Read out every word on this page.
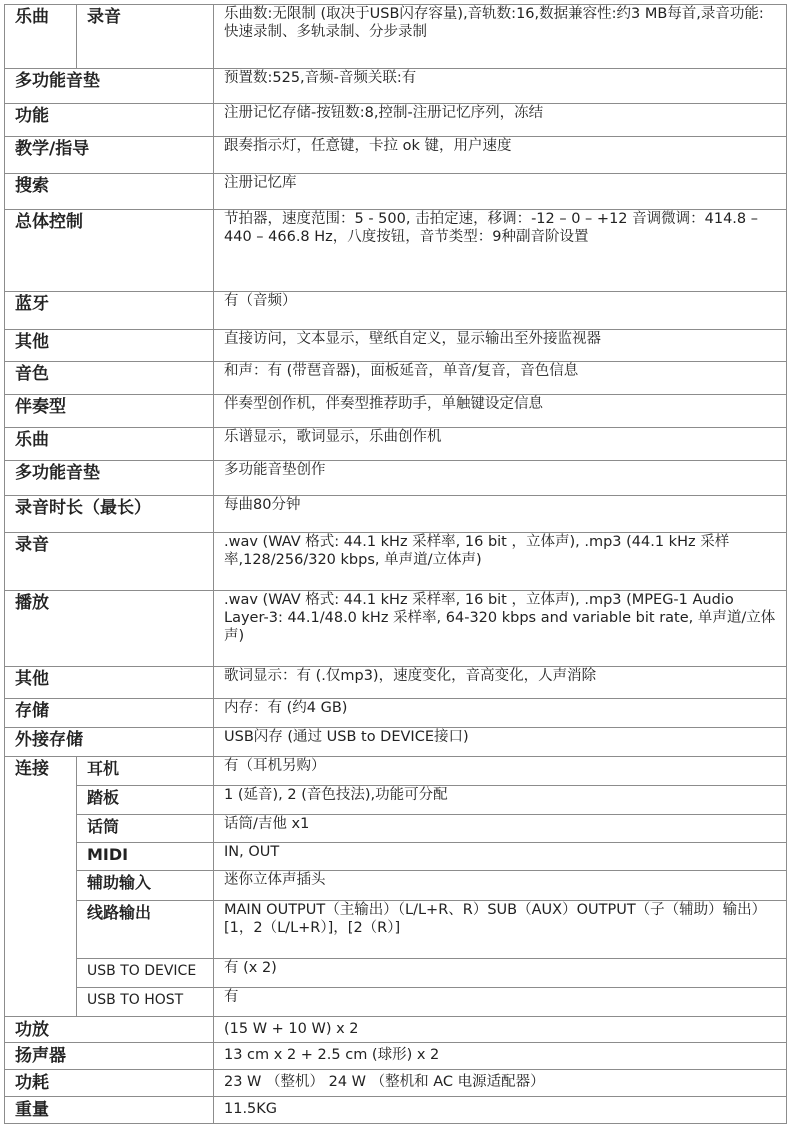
乐曲	录音	乐曲数:无限制 (取决于USB闪存容量),音轨数:16,数据兼容性:约3 MB每首,录音功能:快速录制、多轨录制、分步录制
多功能音垫		预置数:525,音频-音频关联:有
功能		注册记忆存储-按钮数:8,控制-注册记忆序列，冻结
教学/指导		跟奏指示灯，任意键，卡拉 ok 键，用户速度
搜索		注册记忆库
总体控制		节拍器，速度范围：5 - 500, 击拍定速，移调：-12 – 0 – +12 音调微调：414.8 – 440 – 466.8 Hz，八度按钮，音节类型：9种副音阶设置
蓝牙		有（音频）
其他		直接访问，文本显示，壁纸自定义，显示输出至外接监视器
音色		和声：有 (带琶音器)，面板延音，单音/复音，音色信息
伴奏型		伴奏型创作机，伴奏型推荐助手，单触键设定信息
乐曲		乐谱显示，歌词显示，乐曲创作机
多功能音垫		多功能音垫创作
录音时长（最长）		每曲80分钟
录音		.wav (WAV 格式: 44.1 kHz 采样率, 16 bit ，立体声), .mp3 (44.1 kHz 采样率,128/256/320 kbps, 单声道/立体声)
播放		.wav (WAV 格式: 44.1 kHz 采样率, 16 bit ，立体声), .mp3 (MPEG-1 Audio Layer-3: 44.1/48.0 kHz 采样率, 64-320 kbps and variable bit rate, 单声道/立体声)
其他		歌词显示：有 (.仅mp3)，速度变化，音高变化，人声消除
存储		内存：有 (约4 GB)
外接存储		USB闪存 (通过 USB to DEVICE接口)
连接	耳机	有（耳机另购）
	踏板	1 (延音), 2 (音色技法),功能可分配
	话筒	话筒/吉他 x1
	MIDI	IN, OUT
	辅助输入	迷你立体声插头
	线路输出	MAIN OUTPUT（主输出）（L/L+R、R）SUB（AUX）OUTPUT（子（辅助）输出）[1，2（L/L+R）]，[2（R）]
	USB TO DEVICE	有 (x 2)
	USB TO HOST	有
功放		(15 W + 10 W) x 2
扬声器		13 cm x 2 + 2.5 cm (球形) x 2
功耗		23 W （整机） 24 W （整机和 AC 电源适配器）
重量		11.5KG
